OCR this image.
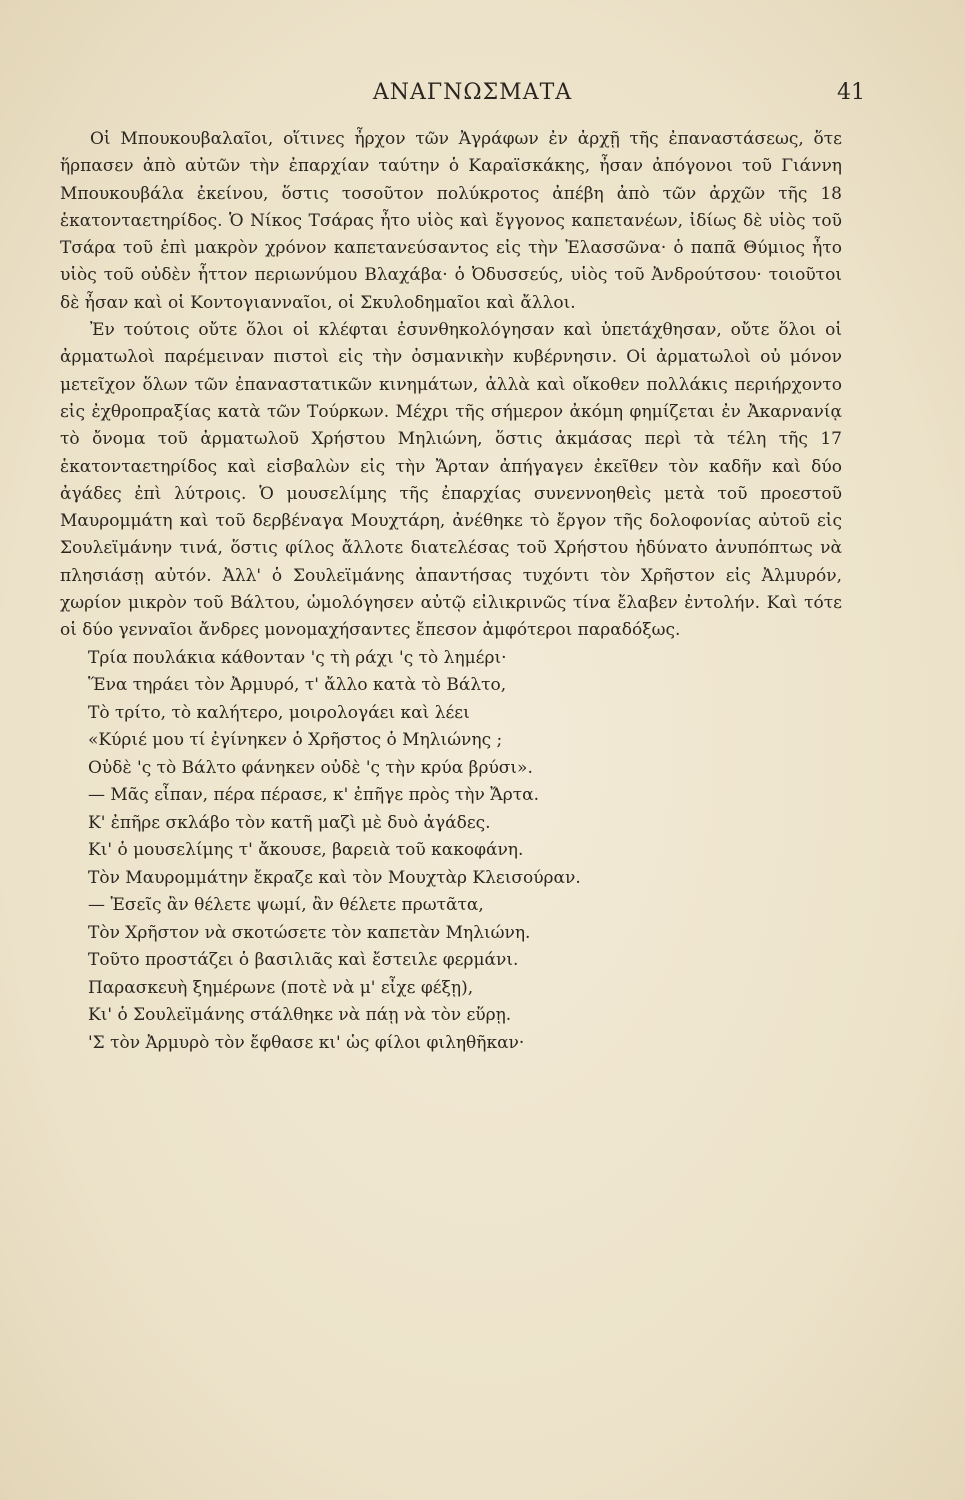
ΑΝΑΓΝΩΣΜΑΤΑ	41

Οἱ Μπουκουβαλαῖοι, οἵτινες ἦρχον τῶν Ἀγράφων ἐν ἀρχῇ τῆς ἐπαναστάσεως, ὅτε ἥρπασεν ἀπὸ αὐτῶν τὴν ἐπαρχίαν ταύτην ὁ Καραϊσκάκης, ἦσαν ἀπόγονοι τοῦ Γιάννη Μπουκουβάλα ἐκείνου, ὅστις τοσοῦτον πολύκροτος ἀπέβη ἀπὸ τῶν ἀρχῶν τῆς 18 ἑκατονταετηρίδος. Ὁ Νίκος Τσάρας ἦτο υἱὸς καὶ ἔγγονος καπετανέων, ἰδίως δὲ υἱὸς τοῦ Τσάρα τοῦ ἐπὶ μακρὸν χρόνον καπετανεύσαντος εἰς τὴν Ἐλασσῶνα· ὁ παπᾶ Θύμιος ἦτο υἱὸς τοῦ οὐδὲν ἧττον περιωνύμου Βλαχάβα· ὁ Ὀδυσσεύς, υἱὸς τοῦ Ἀνδρούτσου· τοιοῦτοι δὲ ἦσαν καὶ οἱ Κοντογιανναῖοι, οἱ Σκυλοδημαῖοι καὶ ἄλλοι.

Ἐν τούτοις οὔτε ὅλοι οἱ κλέφται ἐσυνθηκολόγησαν καὶ ὑπετάχθησαν, οὔτε ὅλοι οἱ ἀρματωλοὶ παρέμειναν πιστοὶ εἰς τὴν ὀσμανικὴν κυβέρνησιν. Οἱ ἀρματωλοὶ οὐ μόνον μετεῖχον ὅλων τῶν ἐπαναστατικῶν κινημάτων, ἀλλὰ καὶ οἴκοθεν πολλάκις περιήρχοντο εἰς ἐχθροπραξίας κατὰ τῶν Τούρκων. Μέχρι τῆς σήμερον ἀκόμη φημίζεται ἐν Ἀκαρνανίᾳ τὸ ὄνομα τοῦ ἀρματωλοῦ Χρήστου Μηλιώνη, ὅστις ἀκμάσας περὶ τὰ τέλη τῆς 17 ἑκατονταετηρίδος καὶ εἰσβαλὼν εἰς τὴν Ἄρταν ἀπήγαγεν ἐκεῖθεν τὸν καδῆν καὶ δύο ἀγάδες ἐπὶ λύτροις. Ὁ μουσελίμης τῆς ἐπαρχίας συνεννοηθεὶς μετὰ τοῦ προεστοῦ Μαυρομμάτη καὶ τοῦ δερβέναγα Μουχτάρη, ἀνέθηκε τὸ ἔργον τῆς δολοφονίας αὐτοῦ εἰς Σουλεϊμάνην τινά, ὅστις φίλος ἄλλοτε διατελέσας τοῦ Χρήστου ἠδύνατο ἀνυπόπτως νὰ πλησιάσῃ αὐτόν. Ἀλλ' ὁ Σουλεϊμάνης ἀπαντήσας τυχόντι τὸν Χρῆστον εἰς Ἀλμυρόν, χωρίον μικρὸν τοῦ Βάλτου, ὡμολόγησεν αὐτῷ εἰλικρινῶς τίνα ἔλαβεν ἐντολήν. Καὶ τότε οἱ δύο γενναῖοι ἄνδρες μονομαχήσαντες ἔπεσον ἀμφότεροι παραδόξως.

Τρία πουλάκια κάθονταν 'ς τὴ ράχι 'ς τὸ λημέρι·
Ἕνα τηράει τὸν Ἀρμυρό, τ' ἄλλο κατὰ τὸ Βάλτο,
Τὸ τρίτο, τὸ καλήτερο, μοιρολογάει καὶ λέει
«Κύριέ μου τί ἐγίνηκεν ὁ Χρῆστος ὁ Μηλιώνης ;
Οὐδὲ 'ς τὸ Βάλτο φάνηκεν οὐδὲ 'ς τὴν κρύα βρύσι».
— Μᾶς εἶπαν, πέρα πέρασε, κ' ἐπῆγε πρὸς τὴν Ἄρτα.
Κ' ἐπῆρε σκλάβο τὸν κατῆ μαζὶ μὲ δυὸ ἀγάδες.
Κι' ὁ μουσελίμης τ' ἄκουσε, βαρειὰ τοῦ κακοφάνη.
Τὸν Μαυρομμάτην ἔκραζε καὶ τὸν Μουχτὰρ Κλεισούραν.
— Ἐσεῖς ἂν θέλετε ψωμί, ἂν θέλετε πρωτᾶτα,
Τὸν Χρῆστον νὰ σκοτώσετε τὸν καπετὰν Μηλιώνη.
Τοῦτο προστάζει ὁ βασιλιᾶς καὶ ἔστειλε φερμάνι.
Παρασκευὴ ξημέρωνε (ποτὲ νὰ μ' εἶχε φέξῃ),
Κι' ὁ Σουλεϊμάνης στάλθηκε νὰ πάῃ νὰ τὸν εὕρῃ.
'Σ τὸν Ἀρμυρὸ τὸν ἔφθασε κι' ὡς φίλοι φιληθῆκαν·
